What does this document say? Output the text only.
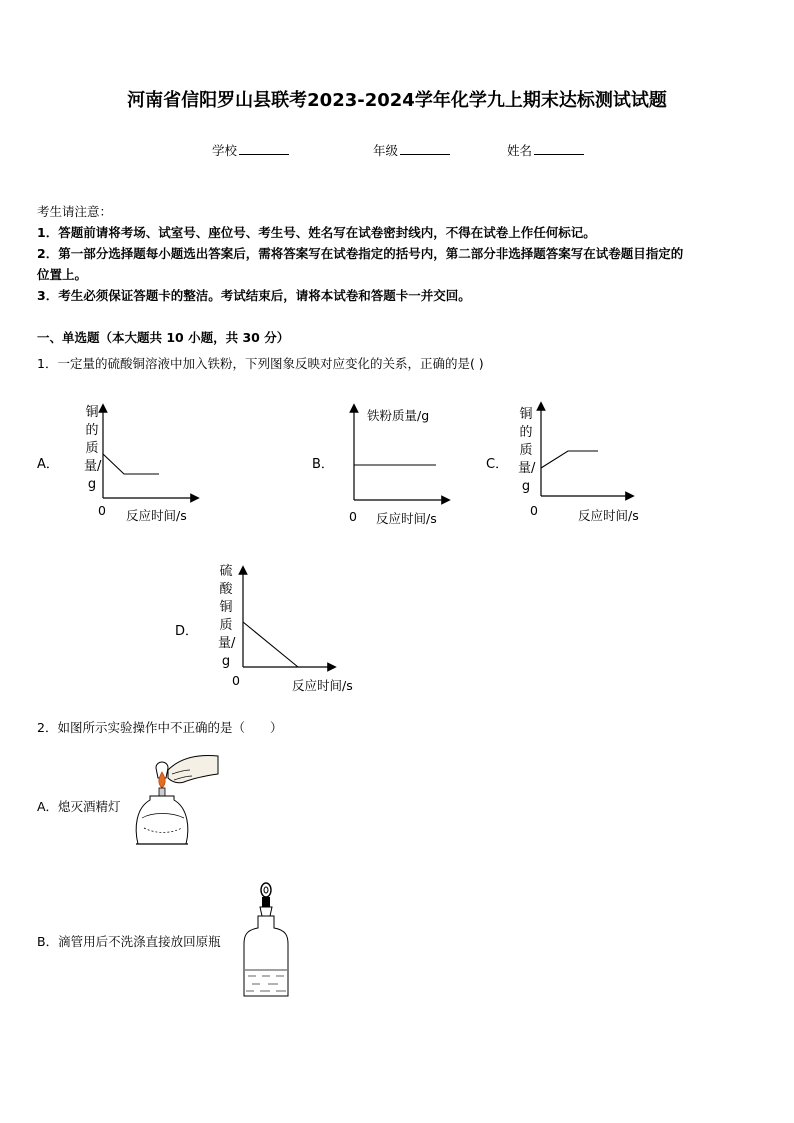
河南省信阳罗山县联考2023-2024学年化学九上期末达标测试试题
学校	年级	姓名
考生请注意：
1．答题前请将考场、试室号、座位号、考生号、姓名写在试卷密封线内，不得在试卷上作任何标记。
2．第一部分选择题每小题选出答案后，需将答案写在试卷指定的括号内，第二部分非选择题答案写在试卷题目指定的
位置上。
3．考生必须保证答题卡的整洁。考试结束后，请将本试卷和答题卡一并交回。
一、单选题（本大题共 10 小题，共 30 分）
1．一定量的硫酸铜溶液中加入铁粉，下列图象反映对应变化的关系，正确的是( )
A．
铜的质量/g
0 反应时间/s
B．
铁粉质量/g
0 反应时间/s
C．
铜的质量/g
0	反应时间/s
D．
硫酸铜质量/g
0	反应时间/s
2．如图所示实验操作中不正确的是（　　）
A．熄灭酒精灯
B．滴管用后不洗涤直接放回原瓶
